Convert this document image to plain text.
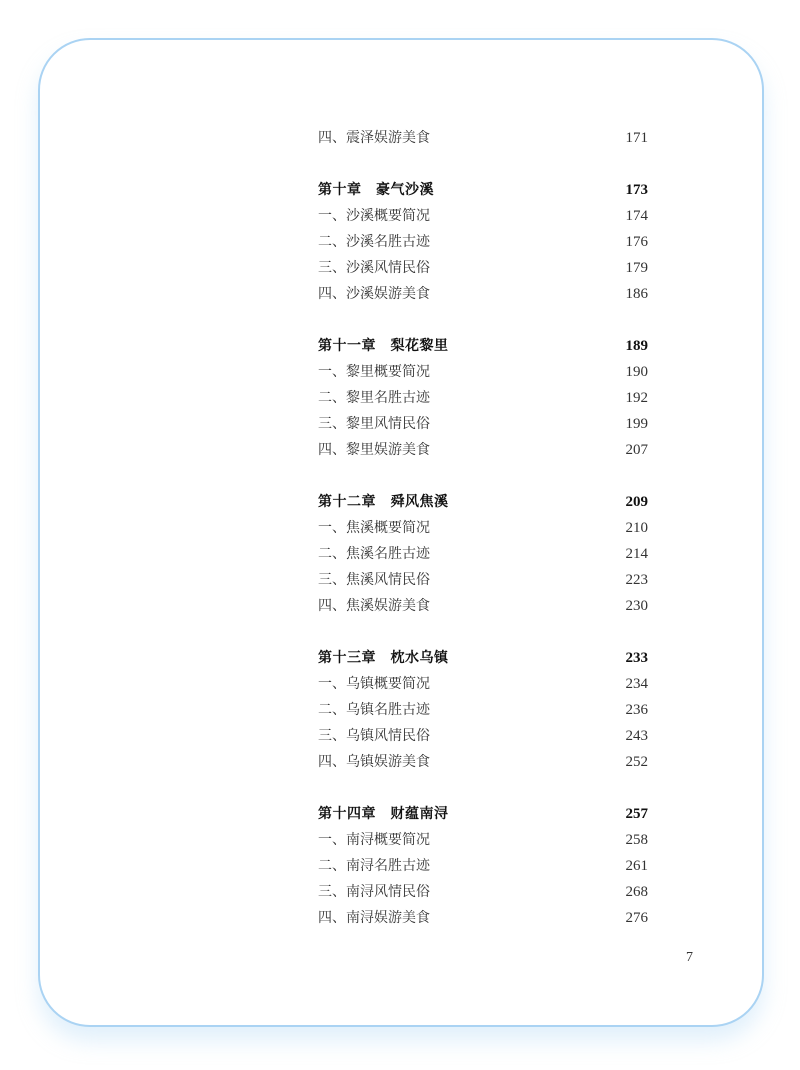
四、震泽娱游美食	171
第十章　豪气沙溪	173
一、沙溪概要简况	174
二、沙溪名胜古迹	176
三、沙溪风情民俗	179
四、沙溪娱游美食	186
第十一章　梨花黎里	189
一、黎里概要简况	190
二、黎里名胜古迹	192
三、黎里风情民俗	199
四、黎里娱游美食	207
第十二章　舜风焦溪	209
一、焦溪概要简况	210
二、焦溪名胜古迹	214
三、焦溪风情民俗	223
四、焦溪娱游美食	230
第十三章　枕水乌镇	233
一、乌镇概要简况	234
二、乌镇名胜古迹	236
三、乌镇风情民俗	243
四、乌镇娱游美食	252
第十四章　财蕴南浔	257
一、南浔概要简况	258
二、南浔名胜古迹	261
三、南浔风情民俗	268
四、南浔娱游美食	276
7
